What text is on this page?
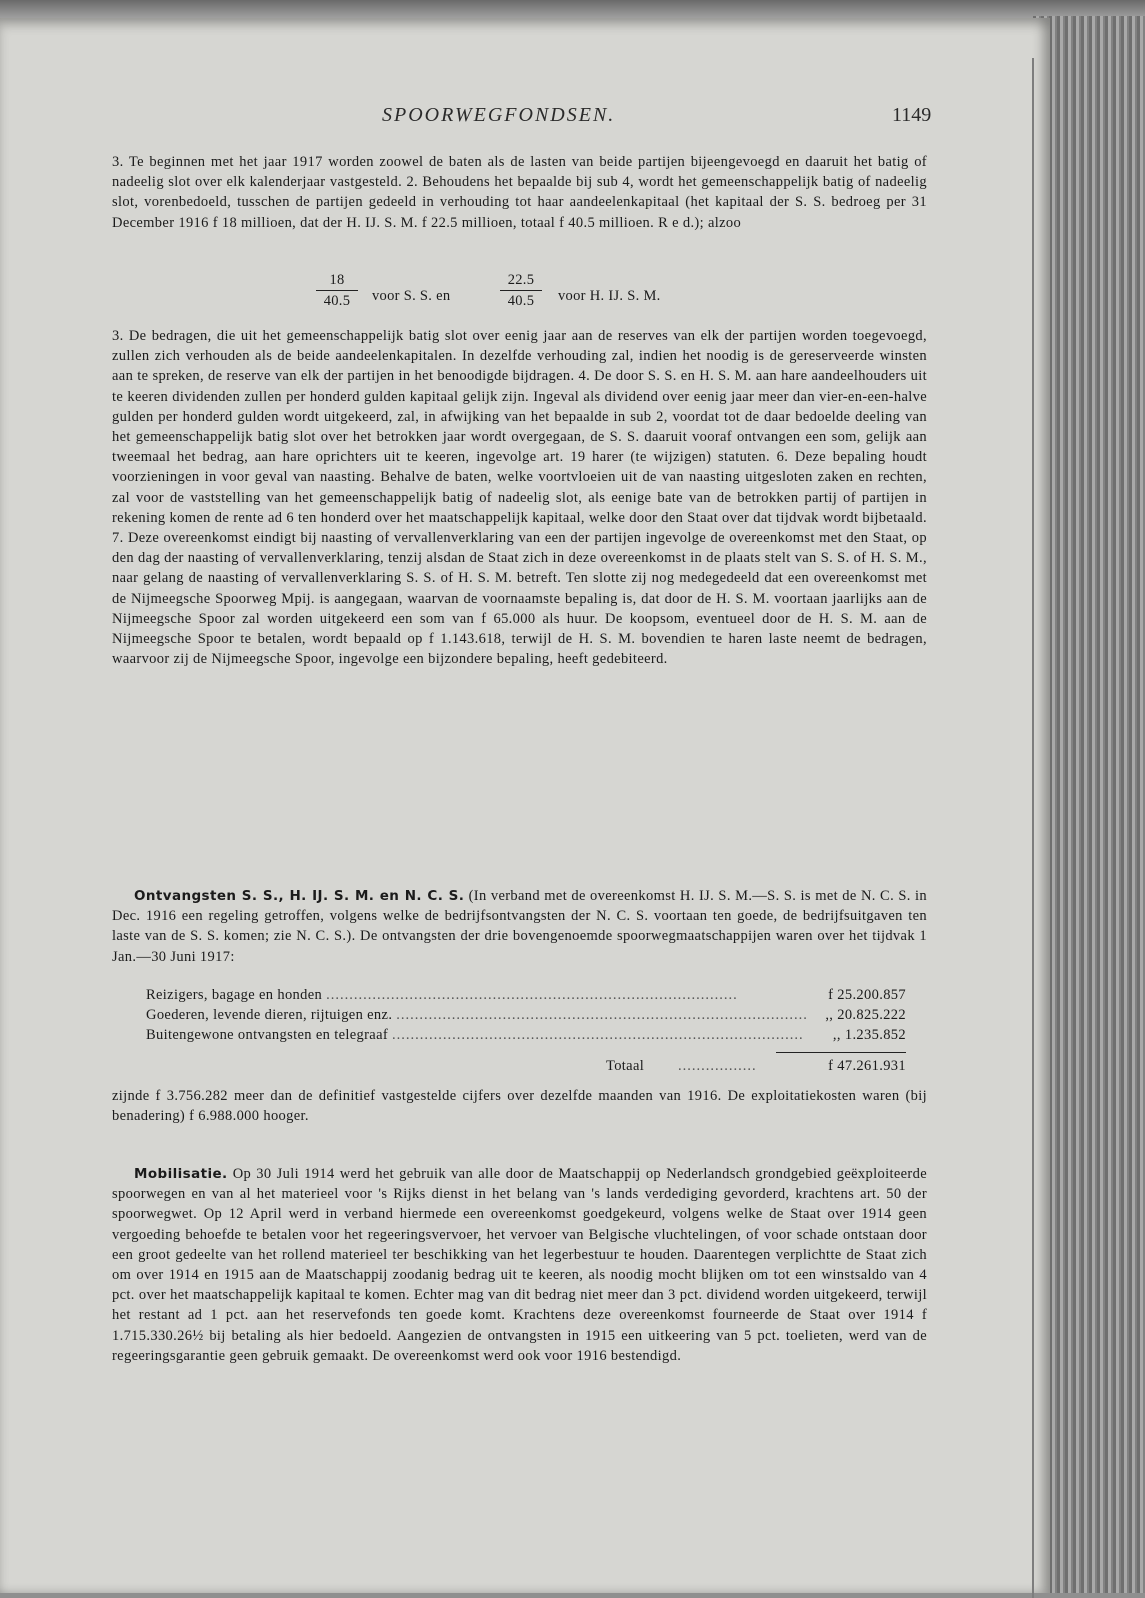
SPOORWEGFONDSEN.	1149
3. Te beginnen met het jaar 1917 worden zoowel de baten als de lasten van beide partijen bijeengevoegd en daaruit het batig of nadeelig slot over elk kalenderjaar vastgesteld. 2. Behoudens het bepaalde bij sub 4, wordt het gemeenschappelijk batig of nadeelig slot, vorenbedoeld, tusschen de partijen gedeeld in verhouding tot haar aandeelenkapitaal (het kapitaal der S. S. bedroeg per 31 December 1916 f 18 millioen, dat der H. IJ. S. M. f 22.5 millioen, totaal f 40.5 millioen. R e d.); alzoo
18
40.5	voor S. S. en
22.5
40.5	voor H. IJ. S. M.
3. De bedragen, die uit het gemeenschappelijk batig slot over eenig jaar aan de reserves van elk der partijen worden toegevoegd, zullen zich verhouden als de beide aandeelenkapitalen. In dezelfde verhouding zal, indien het noodig is de gereserveerde winsten aan te spreken, de reserve van elk der partijen in het benoodigde bijdragen. 4. De door S. S. en H. S. M. aan hare aandeelhouders uit te keeren dividenden zullen per honderd gulden kapitaal gelijk zijn. Ingeval als dividend over eenig jaar meer dan vier-en-een-halve gulden per honderd gulden wordt uitgekeerd, zal, in afwijking van het bepaalde in sub 2, voordat tot de daar bedoelde deeling van het gemeenschappelijk batig slot over het betrokken jaar wordt overgegaan, de S. S. daaruit vooraf ontvangen een som, gelijk aan tweemaal het bedrag, aan hare oprichters uit te keeren, ingevolge art. 19 harer (te wijzigen) statuten. 6. Deze bepaling houdt voorzieningen in voor geval van naasting. Behalve de baten, welke voortvloeien uit de van naasting uitgesloten zaken en rechten, zal voor de vaststelling van het gemeenschappelijk batig of nadeelig slot, als eenige bate van de betrokken partij of partijen in rekening komen de rente ad 6 ten honderd over het maatschappelijk kapitaal, welke door den Staat over dat tijdvak wordt bijbetaald. 7. Deze overeenkomst eindigt bij naasting of vervallenverklaring van een der partijen ingevolge de overeenkomst met den Staat, op den dag der naasting of vervallenverklaring, tenzij alsdan de Staat zich in deze overeenkomst in de plaats stelt van S. S. of H. S. M., naar gelang de naasting of vervallenverklaring S. S. of H. S. M. betreft. Ten slotte zij nog medegedeeld dat een overeenkomst met de Nijmeegsche Spoorweg Mpij. is aangegaan, waarvan de voornaamste bepaling is, dat door de H. S. M. voortaan jaarlijks aan de Nijmeegsche Spoor zal worden uitgekeerd een som van f 65.000 als huur. De koopsom, eventueel door de H. S. M. aan de Nijmeegsche Spoor te betalen, wordt bepaald op f 1.143.618, terwijl de H. S. M. bovendien te haren laste neemt de bedragen, waarvoor zij de Nijmeegsche Spoor, ingevolge een bijzondere bepaling, heeft gedebiteerd.
Ontvangsten S. S., H. IJ. S. M. en N. C. S. (In verband met de overeenkomst H. IJ. S. M.—S. S. is met de N. C. S. in Dec. 1916 een regeling getroffen, volgens welke de bedrijfsontvangsten der N. C. S. voortaan ten goede, de bedrijfsuitgaven ten laste van de S. S. komen; zie N. C. S.). De ontvangsten der drie bovengenoemde spoorwegmaatschappijen waren over het tijdvak 1 Jan.—30 Juni 1917:
Reizigers, bagage en honden .........................................................................................	f 25.200.857
Goederen, levende dieren, rijtuigen enz. .........................................................................................	,, 20.825.222
Buitengewone ontvangsten en telegraaf .........................................................................................	,, 1.235.852
Totaal .................	f 47.261.931
zijnde f 3.756.282 meer dan de definitief vastgestelde cijfers over dezelfde maanden van 1916. De exploitatiekosten waren (bij benadering) f 6.988.000 hooger.
Mobilisatie. Op 30 Juli 1914 werd het gebruik van alle door de Maatschappij op Nederlandsch grondgebied geëxploiteerde spoorwegen en van al het materieel voor 's Rijks dienst in het belang van 's lands verdediging gevorderd, krachtens art. 50 der spoorwegwet. Op 12 April werd in verband hiermede een overeenkomst goedgekeurd, volgens welke de Staat over 1914 geen vergoeding behoefde te betalen voor het regeeringsvervoer, het vervoer van Belgische vluchtelingen, of voor schade ontstaan door een groot gedeelte van het rollend materieel ter beschikking van het legerbestuur te houden. Daarentegen verplichtte de Staat zich om over 1914 en 1915 aan de Maatschappij zoodanig bedrag uit te keeren, als noodig mocht blijken om tot een winstsaldo van 4 pct. over het maatschappelijk kapitaal te komen. Echter mag van dit bedrag niet meer dan 3 pct. dividend worden uitgekeerd, terwijl het restant ad 1 pct. aan het reservefonds ten goede komt. Krachtens deze overeenkomst fourneerde de Staat over 1914 f 1.715.330.26½ bij betaling als hier bedoeld. Aangezien de ontvangsten in 1915 een uitkeering van 5 pct. toelieten, werd van de regeeringsgarantie geen gebruik gemaakt. De overeenkomst werd ook voor 1916 bestendigd.
